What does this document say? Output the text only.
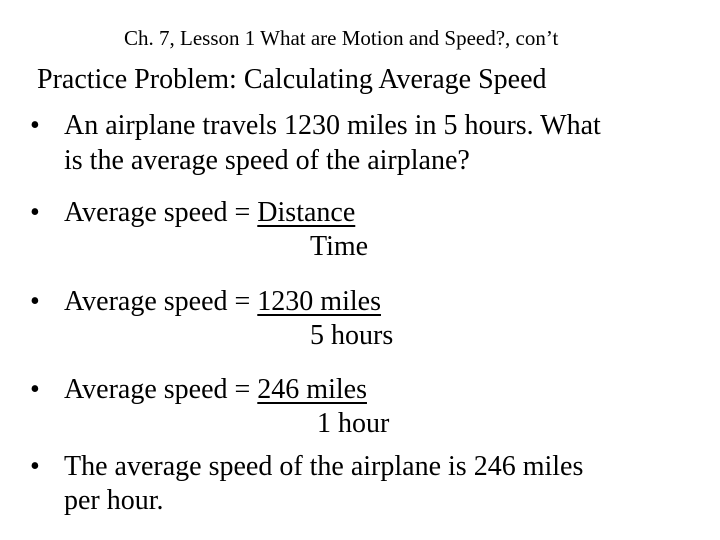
Ch. 7, Lesson 1 What are Motion and Speed?, con’t
Practice Problem: Calculating Average Speed
• An airplane travels 1230 miles in 5 hours. What
is the average speed of the airplane?
• Average speed = Distance
Time
• Average speed = 1230 miles
5 hours
• Average speed = 246 miles
1 hour
• The average speed of the airplane is 246 miles
per hour.
